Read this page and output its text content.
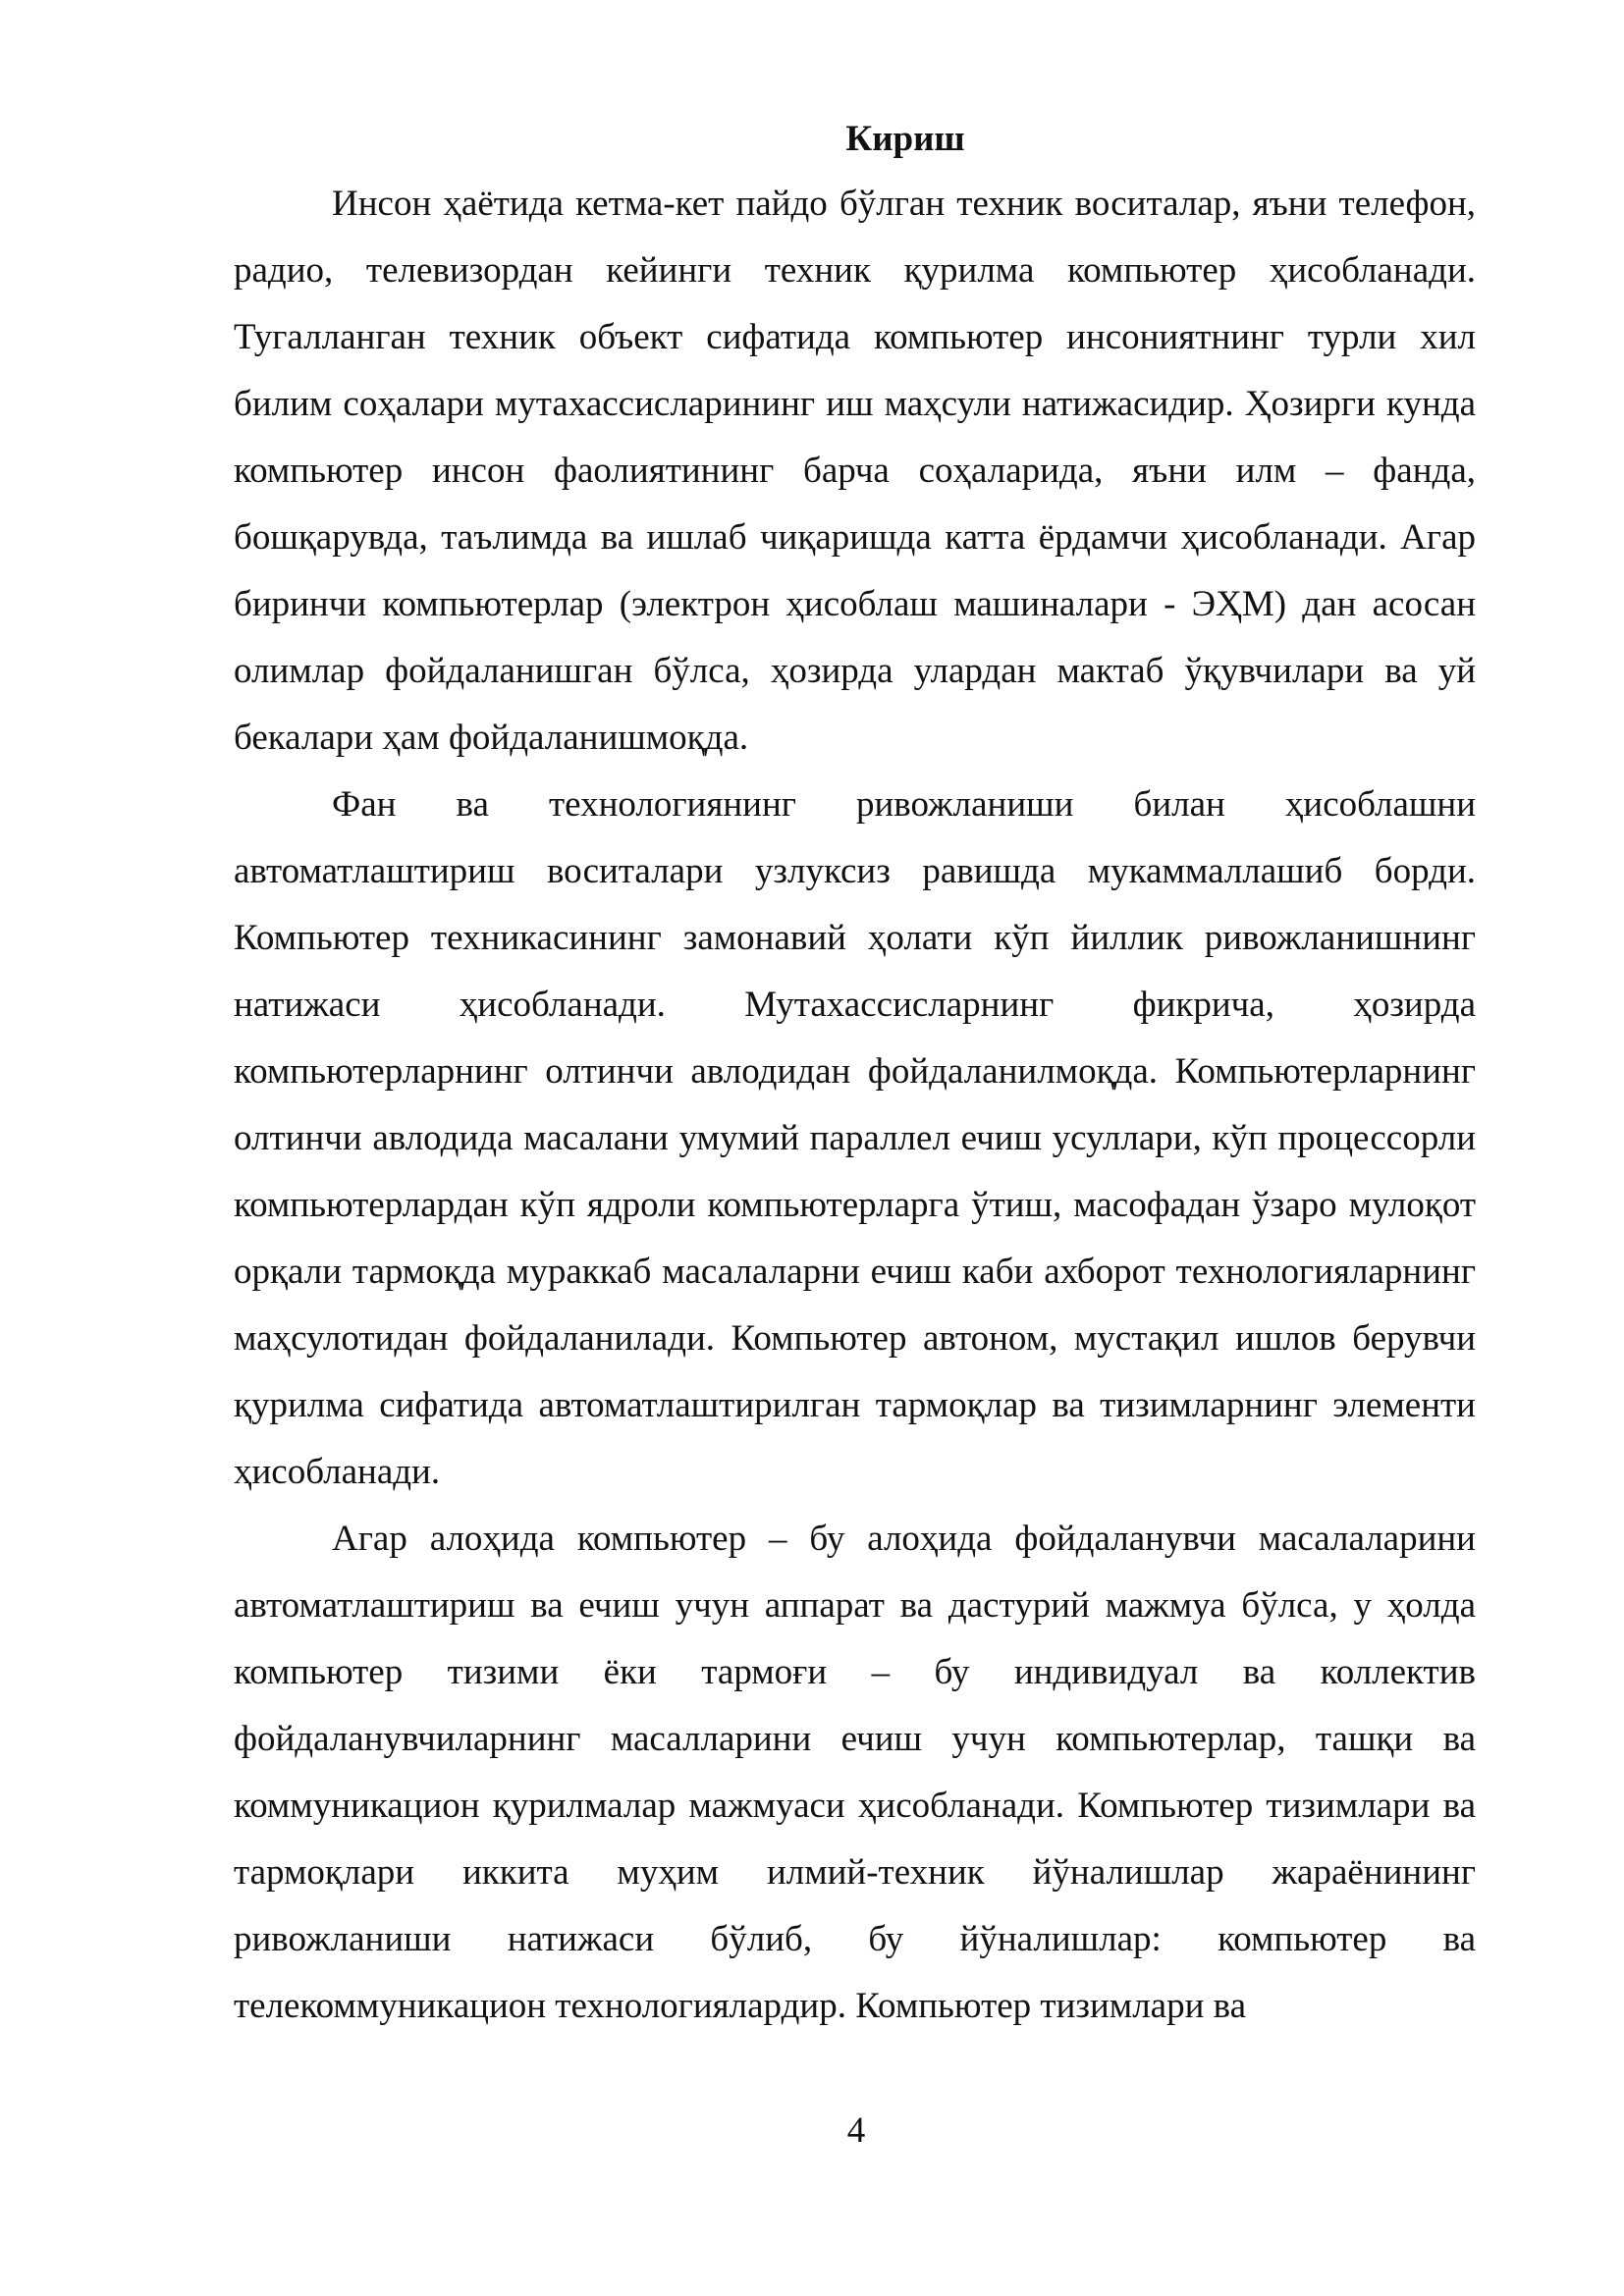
Кириш

Инсон ҳаётида кетма-кет пайдо бўлган техник воситалар, яъни телефон, радио, телевизордан кейинги техник қурилма компьютер ҳисобланади. Тугалланган техник объект сифатида компьютер инсониятнинг турли хил билим соҳалари мутахассисларининг иш маҳсули натижасидир. Ҳозирги кунда компьютер инсон фаолиятининг барча соҳаларида, яъни илм – фанда, бошқарувда, таълимда ва ишлаб чиқаришда катта ёрдамчи ҳисобланади. Агар биринчи компьютерлар (электрон ҳисоблаш машиналари - ЭҲМ) дан асосан олимлар фойдаланишган бўлса, ҳозирда улардан мактаб ўқувчилари ва уй бекалари ҳам фойдаланишмоқда.

Фан ва технологиянинг ривожланиши билан ҳисоблашни автоматлаштириш воситалари узлуксиз равишда мукаммаллашиб борди. Компьютер техникасининг замонавий ҳолати кўп йиллик ривожланишнинг натижаси ҳисобланади. Мутахассисларнинг фикрича, ҳозирда компьютерларнинг олтинчи авлодидан фойдаланилмоқда. Компьютерларнинг олтинчи авлодида масалани умумий параллел ечиш усуллари, кўп процессорли компьютерлардан кўп ядроли компьютерларга ўтиш, масофадан ўзаро мулоқот орқали тармоқда мураккаб масалаларни ечиш каби ахборот технологияларнинг маҳсулотидан фойдаланилади. Компьютер автоном, мустақил ишлов берувчи қурилма сифатида автоматлаштирилган тармоқлар ва тизимларнинг элементи ҳисобланади.

Агар алоҳида компьютер – бу алоҳида фойдаланувчи масалаларини автоматлаштириш ва ечиш учун аппарат ва дастурий мажмуа бўлса, у ҳолда компьютер тизими ёки тармоғи – бу индивидуал ва коллектив фойдаланувчиларнинг масалларини ечиш учун компьютерлар, ташқи ва коммуникацион қурилмалар мажмуаси ҳисобланади. Компьютер тизимлари ва тармоқлари иккита муҳим илмий-техник йўналишлар жараёнининг ривожланиши натижаси бўлиб, бу йўналишлар: компьютер ва телекоммуникацион технологиялардир. Компьютер тизимлари ва

4
